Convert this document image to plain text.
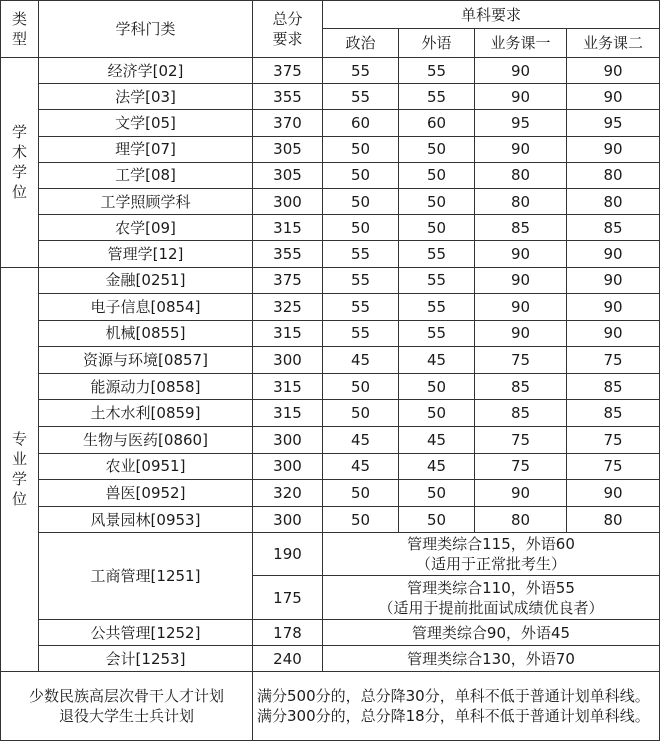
类
型	学科门类	总分
要求	单科要求			
			政治	外语	业务课一	业务课二

学
术
学
位	经济学[02]	375	55	55	90	90
	法学[03]	355	55	55	90	90
	文学[05]	370	60	60	95	95
	理学[07]	305	50	50	90	90
	工学[08]	305	50	50	80	80
	工学照顾学科	300	50	50	80	80
	农学[09]	315	50	50	85	85
	管理学[12]	355	55	55	90	90

专
业
学
位	金融[0251]	375	55	55	90	90
	电子信息[0854]	325	55	55	90	90
	机械[0855]	315	55	55	90	90
	资源与环境[0857]	300	45	45	75	75
	能源动力[0858]	315	50	50	85	85
	土木水利[0859]	315	50	50	85	85
	生物与医药[0860]	300	45	45	75	75
	农业[0951]	300	45	45	75	75
	兽医[0952]	320	50	50	90	90
	风景园林[0953]	300	50	50	80	80
	工商管理[1251]	190	管理类综合115，外语60
（适用于正常批考生）			

		175	管理类综合110，外语55
（适用于提前批面试成绩优良者）			

	公共管理[1252]	178	管理类综合90，外语45			
	会计[1253]	240	管理类综合130，外语70			

少数民族高层次骨干人才计划
退役大学生士兵计划		满分500分的，总分降30分，单科不低于普通计划单科线。满分300分的，总分降18分，单科不低于普通计划单科线。				
